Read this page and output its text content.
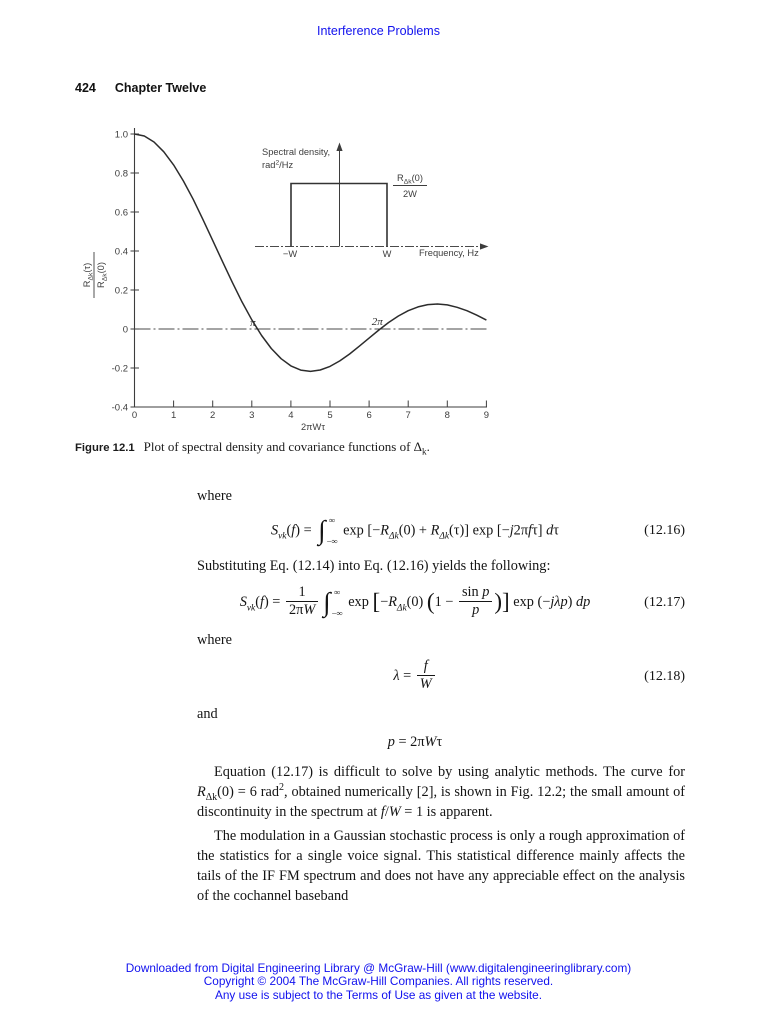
Interference Problems
424 Chapter Twelve
$R_{\Delta k}(\tau)$
$R_{\Delta k}(0)$
2πWτ
Spectral density,
rad$^2$/Hz
$R_{\Delta k}(0)$
2W
−W	W	Frequency, Hz
1.0
0.8
0.6
0.4
0.2
0
-0.2
-0.4
0	1	2	3	4	5	6	7	8	9
π	2π
Figure 12.1 Plot of spectral density and covariance functions of $\Delta_k$.
where
$S_{vk}(f)$ = ∫ ∞
−∞
$\exp [-R_{\Delta k}(0) + R_{\Delta k}(\tau)]$ exp [−j2πfτ] dτ	(12.16)
Substituting Eq. (12.14) into Eq. (12.16) yields the following:
$S_{vk}(f) = \frac{1}{2\pi W}$ ∫ ∞
−∞
$\exp [-R_{\Delta k}(0) (1 - \frac{\text{sin p}}{p}$ )] exp (−jλp) dp	(12.17)
where
$\lambda = \frac{f}{W}$	(12.18)
and
p = 2πWτ

Equation (12.17) is difficult to solve by using analytic methods. The curve for $R_{\Delta k}(0) = 6$ rad$^2$, obtained numerically [2], is shown in Fig. 12.2; the small amount of discontinuity in the spectrum at f/W = 1 is apparent.

The modulation in a Gaussian stochastic process is only a rough approximation of the statistics for a single voice signal. This statistical difference mainly affects the tails of the IF FM spectrum and does not have any appreciable effect on the analysis of the cochannel baseband

Downloaded from Digital Engineering Library @ McGraw-Hill (www.digitalengineeringlibrary.com)
Copyright © 2004 The McGraw-Hill Companies. All rights reserved.
Any use is subject to the Terms of Use as given at the website.
